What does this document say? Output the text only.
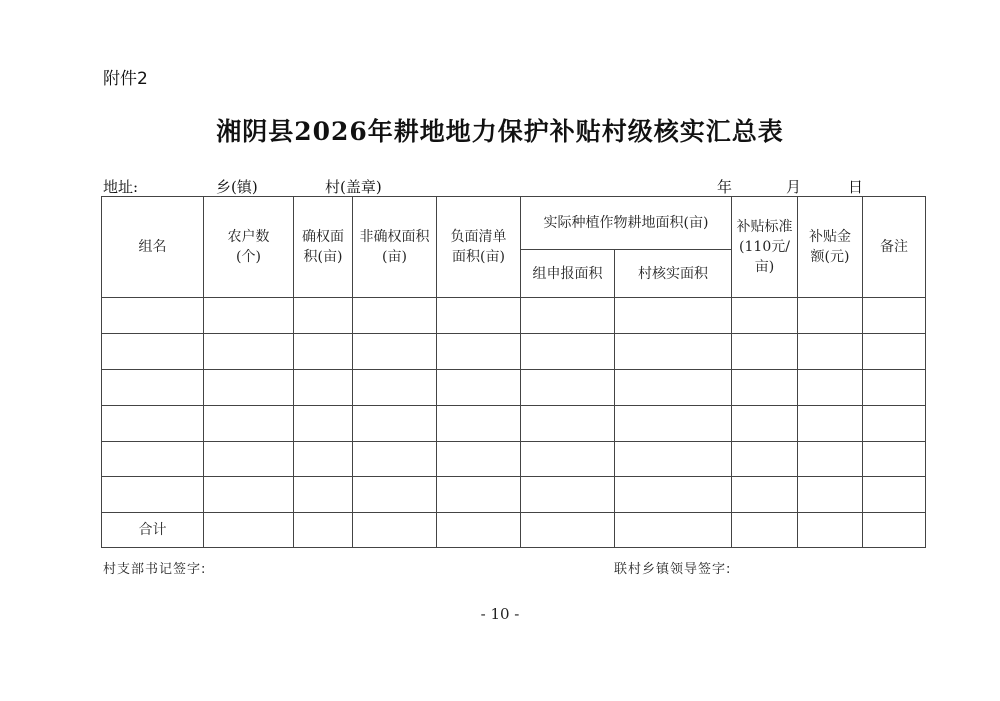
附件2
湘阴县2026年耕地地力保护补贴村级核实汇总表
地址:	乡(镇)	村(盖章)	年	月	日
组名	农户数(个)	确权面积(亩)	非确权面积(亩)	负面清单面积(亩)	实际种植作物耕地面积(亩)		补贴标准(110元/亩)	补贴金额(元)	备注
					组申报面积	村核实面积			

合计									
村支部书记签字:	联村乡镇领导签字:
- 10 -
